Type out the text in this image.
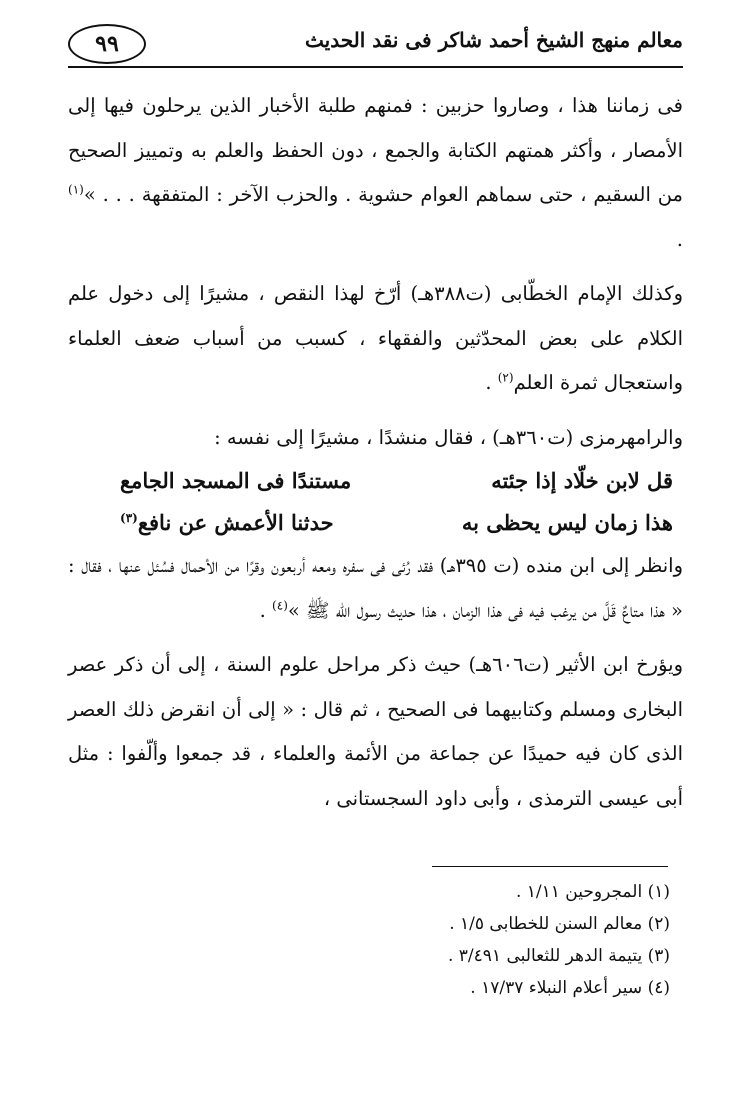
٩٩	معالم منهج الشيخ أحمد شاكر فى نقد الحديث

فى زماننا هذا ، وصاروا حزبين : فمنهم طلبة الأخبار الذين يرحلون فيها إلى الأمصار ، وأكثر همتهم الكتابة والجمع ، دون الحفظ والعلم به وتمييز الصحيح من السقيم ، حتى سماهم العوام حشوية . والحزب الآخر : المتفقهة . . . »$^{(١)}$ .

وكذلك الإمام الخطّابى (ت٣٨٨هـ) أرّخ لهذا النقص ، مشيرًا إلى دخول علم الكلام على بعض المحدّثين والفقهاء ، كسبب من أسباب ضعف العلماء واستعجال ثمرة العلم$^{(٢)}$ .

والرامهرمزى (ت٣٦٠هـ) ، فقال منشدًا ، مشيرًا إلى نفسه :

قل لابن خلّاد إذا جئته
مستندًا فى المسجد الجامع
هذا زمان ليس يحظى به
حدثنا الأعمش عن نافع$^{(٣)}$

وانظر إلى ابن منده (ت ٣٩٥هـ) فقد رُئى فى سفره ومعه أربعون وقرًا من الأحمال فسُئل عنها ، فقال : « هذا متاعٌ قَلَّ من يرغب فيه فى هذا الزمان ، هذا حديث رسول الله ﷺ »$^{(٤)}$ .

ويؤرخ ابن الأثير (ت٦٠٦هـ) حيث ذكر مراحل علوم السنة ، إلى أن ذكر عصر البخارى ومسلم وكتابيهما فى الصحيح ، ثم قال : « إلى أن انقرض ذلك العصر الذى كان فيه حميدًا عن جماعة من الأئمة والعلماء ، قد جمعوا وألّفوا : مثل أبى عيسى الترمذى ، وأبى داود السجستانى ،

(١) المجروحين ١/١١ .
(٢) معالم السنن للخطابى ١/٥ .
(٣) يتيمة الدهر للثعالبى ٣/٤٩١ .
(٤) سير أعلام النبلاء ١٧/٣٧ .
